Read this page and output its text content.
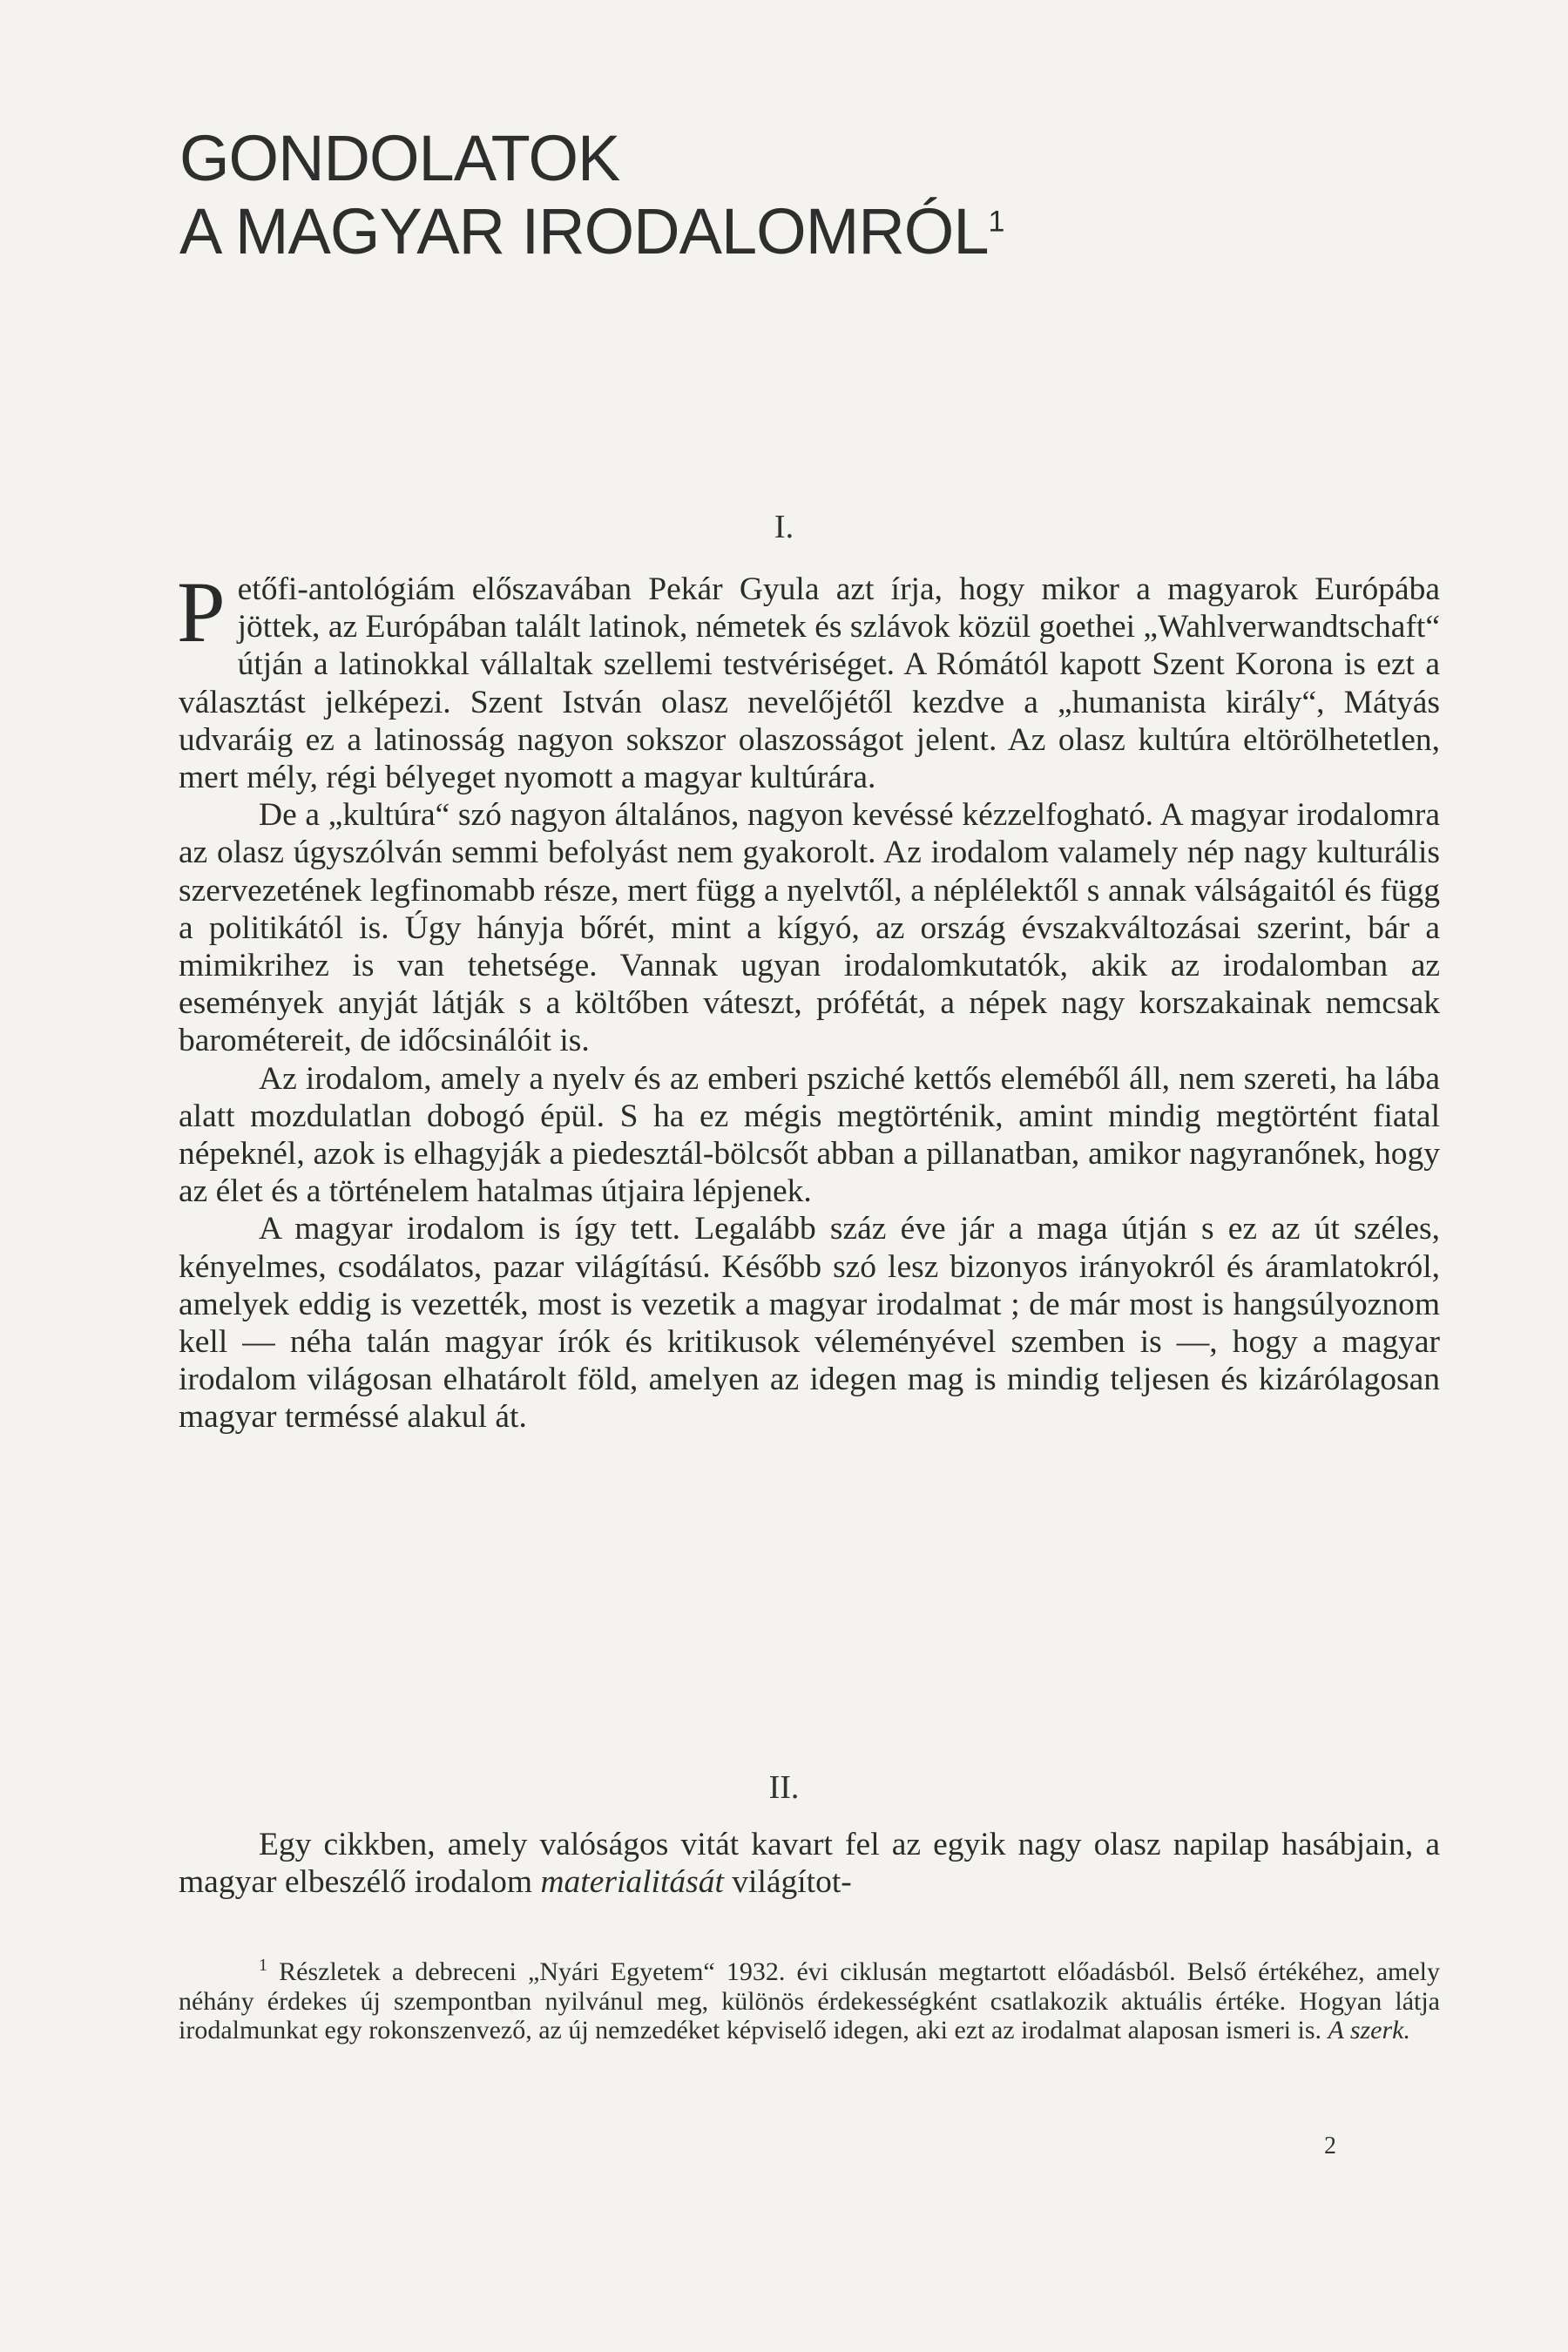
GONDOLATOK
A MAGYAR IRODALOMRÓL$^1$
I.

Petőfi-antológiám előszavában Pekár Gyula azt írja, hogy mikor a magyarok Európába jöttek, az Európában talált latinok, németek és szlávok közül goethei „Wahlverwandtschaft“ útján a latinokkal vállaltak szellemi testvériséget. A Rómától kapott Szent Korona is ezt a választást jelképezi. Szent István olasz nevelőjétől kezdve a „humanista király“, Mátyás udvaráig ez a latinosság nagyon sokszor olaszosságot jelent. Az olasz kultúra eltörölhetetlen, mert mély, régi bélyeget nyomott a magyar kultúrára.

De a „kultúra“ szó nagyon általános, nagyon kevéssé kézzelfogható. A magyar irodalomra az olasz úgyszólván semmi befolyást nem gyakorolt. Az irodalom valamely nép nagy kulturális szervezetének legfinomabb része, mert függ a nyelvtől, a néplélektől s annak válságaitól és függ a politikától is. Úgy hányja bőrét, mint a kígyó, az ország évszakváltozásai szerint, bár a mimikrihez is van tehetsége. Vannak ugyan irodalomkutatók, akik az irodalomban az események anyját látják s a költőben váteszt, prófétát, a népek nagy korszakainak nemcsak barométereit, de időcsinálóit is.

Az irodalom, amely a nyelv és az emberi psziché kettős eleméből áll, nem szereti, ha lába alatt mozdulatlan dobogó épül. S ha ez mégis megtörténik, amint mindig megtörtént fiatal népeknél, azok is elhagyják a piedesztál-bölcsőt abban a pillanatban, amikor nagyranőnek, hogy az élet és a történelem hatalmas útjaira lépjenek.

A magyar irodalom is így tett. Legalább száz éve jár a maga útján s ez az út széles, kényelmes, csodálatos, pazar világítású. Később szó lesz bizonyos irányokról és áramlatokról, amelyek eddig is vezették, most is vezetik a magyar irodalmat ; de már most is hangsúlyoznom kell — néha talán magyar írók és kritikusok véleményével szemben is —, hogy a magyar irodalom világosan elhatárolt föld, amelyen az idegen mag is mindig teljesen és kizárólagosan magyar terméssé alakul át.

II.

Egy cikkben, amely valóságos vitát kavart fel az egyik nagy olasz napilap hasábjain, a magyar elbeszélő irodalom materialitását világítot-

$^1$ Részletek a debreceni „Nyári Egyetem“ 1932. évi ciklusán megtartott előadásból. Belső értékéhez, amely néhány érdekes új szempontban nyilvánul meg, különös érdekességként csatlakozik aktuális értéke. Hogyan látja irodalmunkat egy rokonszenvező, az új nemzedéket képviselő idegen, aki ezt az irodalmat alaposan ismeri is. A szerk.

2
